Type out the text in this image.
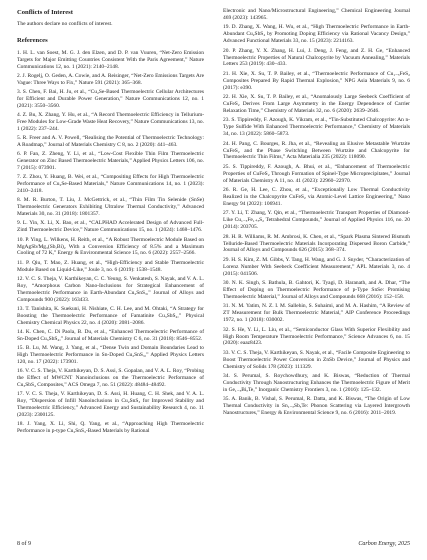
Conflicts of Interest
The authors declare no conflicts of interest.
References
1. H. L. van Soest, M. G. J. den Elzen, and D. P. van Vuuren, “Net-Zero Emission Targets for Major Emitting Countries Consistent With the Paris Agreement,” Nature Communications 12, no. 1 (2021): 2140–2148.
2. J. Rogelj, O. Geden, A. Cowie, and A. Reisinger, “Net-Zero Emissions Targets Are Vague: Three Ways to Fix,” Nature 591 (2021): 365–368.
3. S. Chen, F. Bai, H. Ju, et al., “Cu₂Se-Based Thermoelectric Cellular Architectures for Efficient and Durable Power Generation,” Nature Communications 12, no. 1 (2021): 3550–3560.
4. Z. Bu, X. Zhang, Y. Hu, et al., “A Record Thermoelectric Efficiency in Tellurium-Free Modules for Low-Grade Waste Heat Recovery,” Nature Communications 13, no. 1 (2022): 237–244.
5. R. Freer and A. V. Powell, “Realising the Potential of Thermoelectric Technology: A Roadmap,” Journal of Materials Chemistry C 8, no. 2 (2020): 441–463.
6. P. Fan, Z. Zheng, Y. Li, et al., “Low-Cost Flexible Thin Film Thermoelectric Generator on Zinc Based Thermoelectric Materials,” Applied Physics Letters 106, no. 7 (2015): 073901.
7. Z. Zhou, Y. Huang, B. Wei, et al., “Compositing Effects for High Thermoelectric Performance of Cu₂Se-Based Materials,” Nature Communications 14, no. 1 (2023): 2410–2418.
8. M. R. Burton, T. Liu, J. McGettrick, et al., “Thin Film Tin Selenide (SnSe) Thermoelectric Generators Exhibiting Ultralow Thermal Conductivity,” Advanced Materials 30, no. 31 (2018): 1801357.
9. L. Yin, X. Li, X. Bao, et al., “CALPHAD Accelerated Design of Advanced Full-Zintl Thermoelectric Device,” Nature Communications 15, no. 1 (2024): 1468–1476.
10. P. Ying, L. Wilkens, H. Reith, et al., “A Robust Thermoelectric Module Based on MgAgSb/Mg₃(Sb,Bi)₂ With a Conversion Efficiency of 8.5% and a Maximum Cooling of 72 K,” Energy & Environmental Science 15, no. 6 (2022): 2557–2566.
11. P. Qiu, T. Mao, Z. Huang, et al., “High-Efficiency and Stable Thermoelectric Module Based on Liquid-Like,” Joule 3, no. 6 (2019): 1538–1548.
12. V. C. S. Theja, V. Karthikeyan, C. C. Yeung, S. Venkatesh, S. Nayak, and V. A. L. Roy, “Amorphous Carbon Nano-Inclusions for Strategical Enhancement of Thermoelectric Performance in Earth-Abundant Cu₂SnS₃,” Journal of Alloys and Compounds 900 (2022): 163433.
13. T. Tanishita, K. Suekuni, H. Nishiate, C. H. Lee, and M. Ohtaki, “A Strategy for Boosting the Thermoelectric Performance of Famatinite Cu₃SbS₄,” Physical Chemistry Chemical Physics 22, no. 4 (2020): 2081–2086.
14. K. Chen, C. Di Paola, B. Du, et al., “Enhanced Thermoelectric Performance of Sn-Doped Cu₃SbS₄,” Journal of Materials Chemistry C 6, no. 31 (2018): 8546–8552.
15. B. Lu, M. Wang, J. Yang, et al., “Dense Twin and Domain Boundaries Lead to High Thermoelectric Performance in Sn-Doped Cu₂SnS₃,” Applied Physics Letters 120, no. 17 (2022): 173901.
16. V. C. S. Theja, V. Karthikeyan, D. S. Assi, S. Gopalan, and V. A. L. Roy, “Probing the Effect of MWCNT Nanoinclusions on the Thermoelectric Performance of Cu₃SbS₄ Composites,” ACS Omega 7, no. 51 (2022): 48484–48492.
17. V. C. S. Theja, V. Karthikeyan, D. S. Assi, H. Huang, C. H. Shek, and V. A. L. Roy, “Dispersion of Infill Nanoinclusions in Cu₂SnS₃ for Improved Stability and Thermoelectric Efficiency,” Advanced Energy and Sustainability Research 4, no. 11 (2023): 2300125.
18. J. Yang, X. Li, Shi, Q. Yang, et al., “Approaching High Thermoelectric Performance in p-type Cu₂SnS₃-Based Materials by Rational
Electronic and Nano/Microstructural Engineering,” Chemical Engineering Journal 469 (2023): 143965.
19. D. Zhang, X. Wang, H. Wu, et al., “High Thermoelectric Performance in Earth-Abundant Cu₂SbS₄ by Promoting Doping Efficiency via Rational Vacancy Design,” Advanced Functional Materials 33, no. 15 (2023): 2214163.
20. P. Zhang, Y. X. Zhang, H. Lui, J. Deng, J. Feng, and Z. H. Ge, “Enhanced Thermoelectric Properties of Natural Chalcopyrite by Vacuum Annealing,” Materials Letters 253 (2019): 430–433.
21. H. Xie, X. Su, T. P. Bailey, et al., “Thermoelectric Performance of Cu₁₋ₓFeS₂ Composites Prepared By Rapid Thermal Explosion,” NPG Asia Materials 9, no. 6 (2017): e390.
22. H. Xie, X. Su, T. P. Bailey, et al., “Anomalously Large Seebeck Coefficient of CuFeS₂ Derives From Large Asymmetry in the Energy Dependence of Carrier Relaxation Time,” Chemistry of Materials 32, no. 6 (2020): 2639–2646.
23. S. Tippireddy, F. Azough, K. Vikram, et al., “Tin-Substituted Chalcopyrite: An n-Type Sulfide With Enhanced Thermoelectric Performance,” Chemistry of Materials 34, no. 13 (2022): 5860–5873.
24. H. Pang, C. Bourges, R. Jha, et al., “Revealing an Elusive Metastable Wurtzite CuFeS₂ and the Phase Switching Between Wurtzite and Chalcopyrite for Thermoelectric Thin Films,” Acta Materialia 235 (2022): 118090.
25. S. Tippireddy, F. Azough, A. Bhui, et al., “Enhancement of Thermoelectric Properties of CuFeS₂ Through Formation of Spinel-Type Microprecipitates,” Journal of Materials Chemistry A 11, no. 41 (2023): 22960–22970.
26. R. Ge, H. Lee, C. Zhou, et al., “Exceptionally Low Thermal Conductivity Realized in the Chalcopyrite CuFeS₂ via Atomic-Level Lattice Engineering,” Nano Energy 94 (2022): 106941.
27. Y. Li, T. Zhang, Y. Qin, et al., “Thermoelectric Transport Properties of Diamond-Like Cu₁₋ₓFe₁₊ₓS₂ Tetrahedral Compounds,” Journal of Applied Physics 116, no. 20 (2014): 203705.
28. H. R. Williams, R. M. Ambrosi, K. Chen, et al., “Spark Plasma Sintered Bismuth Telluride-Based Thermoelectric Materials Incorporating Dispersed Boron Carbide,” Journal of Alloys and Compounds 626 (2015): 368–374.
29. H. S. Kim, Z. M. Gibbs, Y. Tang, H. Wang, and G. J. Snyder, “Characterization of Lorenz Number With Seebeck Coefficient Measurement,” APL Materials 3, no. 4 (2015): 041506.
30. N. K. Singh, S. Bathula, B. Gahtori, K. Tyagi, D. Haranath, and A. Dhar, “The Effect of Doping on Thermoelectric Performance of p-Type SnSe: Promising Thermoelectric Material,” Journal of Alloys and Compounds 668 (2016): 152–158.
31. N. M. Yatim, N. Z. I. M. Sallehin, S. Suhaimi, and M. A. Hashim, “A Review of ZT Measurement for Bulk Thermoelectric Material,” AIP Conference Proceedings 1972, no. 1 (2018): 030002.
32. S. He, Y. Li, L. Liu, et al., “Semiconductor Glass With Superior Flexibility and High Room Temperature Thermoelectric Performance,” Science Advances 6, no. 15 (2020): eaaz8423.
33. V. C. S. Theja, V. Karthikeyan, S. Nayak, et al., “Facile Composite Engineering to Boost Thermoelectric Power Conversion in ZnSb Device,” Journal of Physics and Chemistry of Solids 178 (2023): 111329.
34. S. Perumal, S. Roychowdhury, and K. Biswas, “Reduction of Thermal Conductivity Through Nanostructuring Enhances the Thermoelectric Figure of Merit in Ge₁₋ₓBiₓTe,” Inorganic Chemistry Frontiers 3, no. 1 (2016): 125–132.
35. A. Banik, B. Vishal, S. Perumal, R. Datta, and K. Biswas, “The Origin of Low Thermal Conductivity in Sn₁₋ₓSbₓTe: Phonon Scattering via Layered Intergrowth Nanostructures,” Energy & Environmental Science 9, no. 6 (2016): 2011–2019.
8 of 9	Carbon Energy, 2025
